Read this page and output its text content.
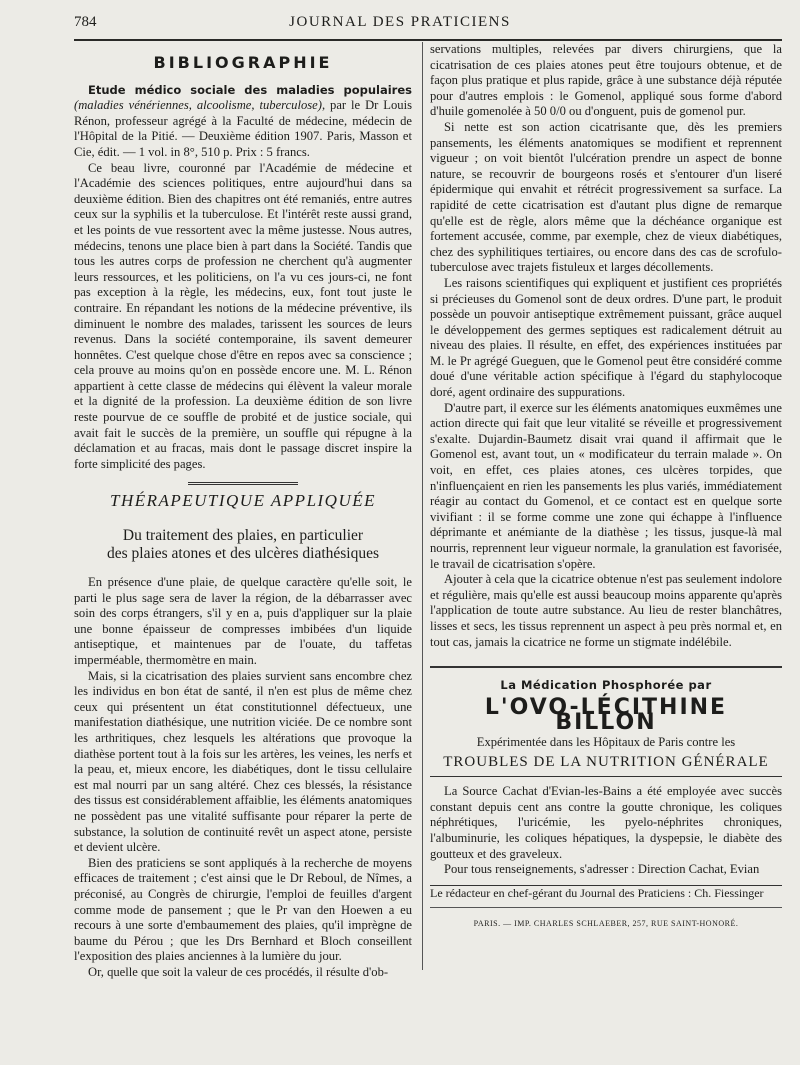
784	JOURNAL DES PRATICIENS
BIBLIOGRAPHIE

Etude médico sociale des maladies populaires (maladies vénériennes, alcoolisme, tuberculose), par le Dr Louis Rénon, professeur agrégé à la Faculté de médecine, médecin de l'Hôpital de la Pitié. — Deuxième édition 1907. Paris, Masson et Cie, édit. — 1 vol. in 8°, 510 p. Prix : 5 francs.

Ce beau livre, couronné par l'Académie de médecine et l'Académie des sciences politiques, entre aujourd'hui dans sa deuxième édition. Bien des chapitres ont été remaniés, entre autres ceux sur la syphilis et la tuberculose. Et l'intérêt reste aussi grand, et les points de vue ressortent avec la même justesse. Nous autres, médecins, tenons une place bien à part dans la Société. Tandis que tous les autres corps de profession ne cherchent qu'à augmenter leurs ressources, et les politiciens, on l'a vu ces jours-ci, ne font pas exception à la règle, les médecins, eux, font tout juste le contraire. En répandant les notions de la médecine préventive, ils diminuent le nombre des malades, tarissent les sources de leurs revenus. Dans la société contemporaine, ils savent demeurer honnêtes. C'est quelque chose d'être en repos avec sa conscience ; cela prouve au moins qu'on en possède encore une. M. L. Rénon appartient à cette classe de médecins qui élèvent la valeur morale et la dignité de la profession. La deuxième édition de son livre reste pourvue de ce souffle de probité et de justice sociale, qui avait fait le succès de la première, un souffle qui répugne à la déclamation et au fracas, mais dont le passage discret inspire la forte simplicité des pages.

THÉRAPEUTIQUE APPLIQUÉE
Du traitement des plaies, en particulier
des plaies atones et des ulcères diathésiques

En présence d'une plaie, de quelque caractère qu'elle soit, le parti le plus sage sera de laver la région, de la débarrasser avec soin des corps étrangers, s'il y en a, puis d'appliquer sur la plaie une bonne épaisseur de compresses imbibées d'un liquide antiseptique, et maintenues par de l'ouate, du taffetas imperméable, thermomètre en main.

Mais, si la cicatrisation des plaies survient sans encombre chez les individus en bon état de santé, il n'en est plus de même chez ceux qui présentent un état constitutionnel défectueux, une manifestation diathésique, une nutrition viciée. De ce nombre sont les arthritiques, chez lesquels les altérations que provoque la diathèse portent tout à la fois sur les artères, les veines, les nerfs et la peau, et, mieux encore, les diabétiques, dont le tissu cellulaire est mal nourri par un sang altéré. Chez ces blessés, la résistance des tissus est considérablement affaiblie, les éléments anatomiques ne possèdent pas une vitalité suffisante pour réparer la perte de substance, la solution de continuité revêt un aspect atone, persiste et devient ulcère.

Bien des praticiens se sont appliqués à la recherche de moyens efficaces de traitement ; c'est ainsi que le Dr Reboul, de Nîmes, a préconisé, au Congrès de chirurgie, l'emploi de feuilles d'argent comme mode de pansement ; que le Pr van den Hoewen a eu recours à une sorte d'embaumement des plaies, qu'il imprègne de baume du Pérou ; que les Drs Bernhard et Bloch conseillent l'exposition des plaies anciennes à la lumière du jour.

Or, quelle que soit la valeur de ces procédés, il résulte d'ob-

servations multiples, relevées par divers chirurgiens, que la cicatrisation de ces plaies atones peut être toujours obtenue, et de façon plus pratique et plus rapide, grâce à une substance déjà réputée pour d'autres emplois : le Gomenol, appliqué sous forme d'abord d'huile gomenolée à 50 0/0 ou d'onguent, puis de gomenol pur.

Si nette est son action cicatrisante que, dès les premiers pansements, les éléments anatomiques se modifient et reprennent vigueur ; on voit bientôt l'ulcération prendre un aspect de bonne nature, se recouvrir de bourgeons rosés et s'entourer d'un liseré épidermique qui envahit et rétrécit progressivement sa surface. La rapidité de cette cicatrisation est d'autant plus digne de remarque qu'elle est de règle, alors même que la déchéance organique est fortement accusée, comme, par exemple, chez de vieux diabétiques, chez des syphilitiques tertiaires, ou encore dans des cas de scrofulo-tuberculose avec trajets fistuleux et larges décollements.

Les raisons scientifiques qui expliquent et justifient ces propriétés si précieuses du Gomenol sont de deux ordres. D'une part, le produit possède un pouvoir antiseptique extrêmement puissant, grâce auquel le développement des germes septiques est radicalement détruit au niveau des plaies. Il résulte, en effet, des expériences instituées par M. le Pr agrégé Gueguen, que le Gomenol peut être considéré comme doué d'une véritable action spécifique à l'égard du staphylocoque doré, agent ordinaire des suppurations.

D'autre part, il exerce sur les éléments anatomiques euxmêmes une action directe qui fait que leur vitalité se réveille et progressivement s'exalte. Dujardin-Baumetz disait vrai quand il affirmait que le Gomenol est, avant tout, un « modificateur du terrain malade ». On voit, en effet, ces plaies atones, ces ulcères torpides, que n'influençaient en rien les pansements les plus variés, immédiatement réagir au contact du Gomenol, et ce contact est en quelque sorte vivifiant : il se forme comme une zone qui échappe à l'influence déprimante et anémiante de la diathèse ; les tissus, jusque-là mal nourris, reprennent leur vigueur normale, la granulation est favorisée, le travail de cicatrisation s'opère.

Ajouter à cela que la cicatrice obtenue n'est pas seulement indolore et régulière, mais qu'elle est aussi beaucoup moins apparente qu'après l'application de toute autre substance. Au lieu de rester blanchâtres, lisses et secs, les tissus reprennent un aspect à peu près normal et, en tout cas, jamais la cicatrice ne forme un stigmate indélébile.

La Médication Phosphorée par
L'OVO-LÉCITHINE BILLON
Expérimentée dans les Hôpitaux de Paris contre les
TROUBLES DE LA NUTRITION GÉNÉRALE

La Source Cachat d'Evian-les-Bains a été employée avec succès constant depuis cent ans contre la goutte chronique, les coliques néphrétiques, l'uricémie, les pyelo-néphrites chroniques, l'albuminurie, les coliques hépatiques, la dyspepsie, le diabète des goutteux et des graveleux.

Pour tous renseignements, s'adresser : Direction Cachat, Evian

Le rédacteur en chef-gérant du Journal des Praticiens : Ch. Fiessinger

PARIS. — IMP. CHARLES SCHLAEBER, 257, RUE SAINT-HONORÉ.
